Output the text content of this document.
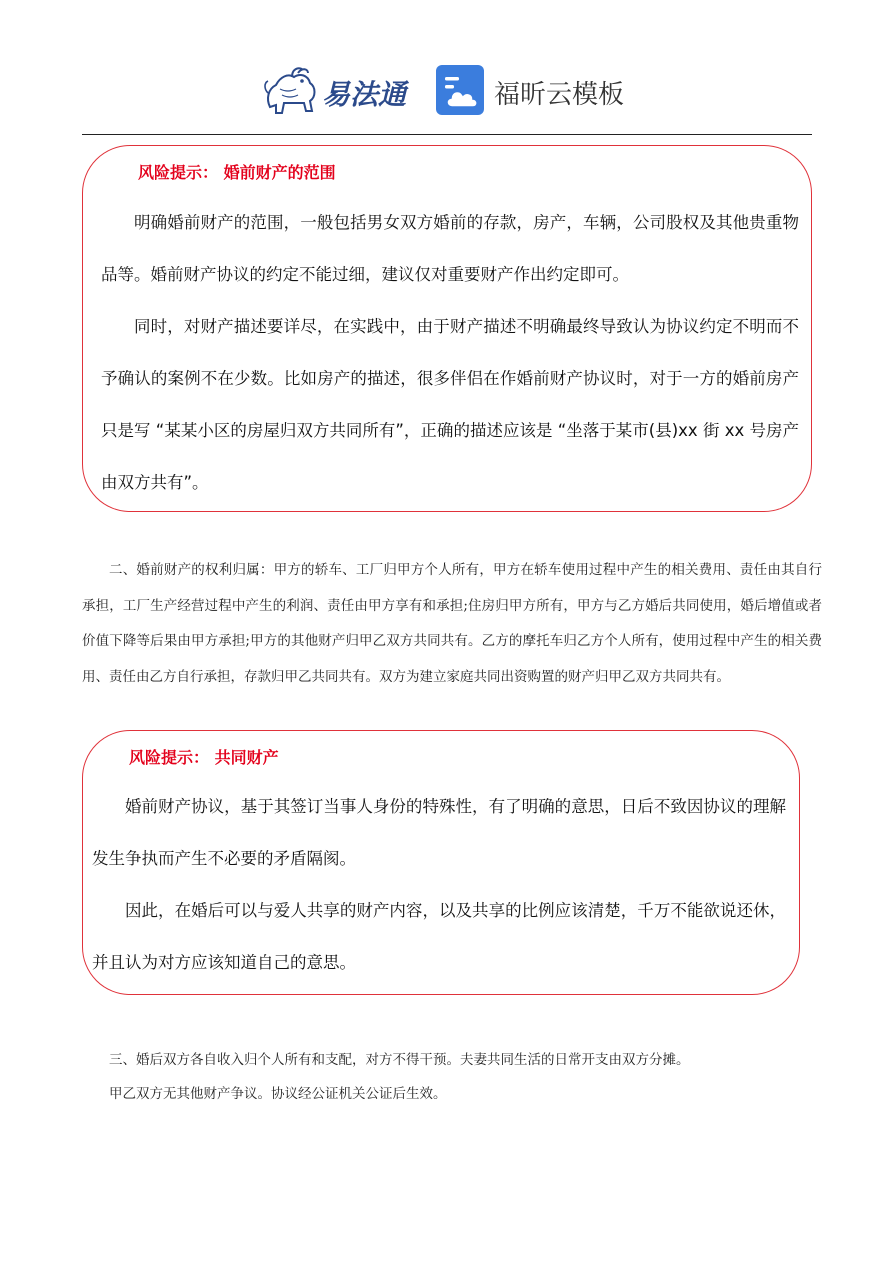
易法通	福昕云模板
风险提示： 婚前财产的范围

明确婚前财产的范围，一般包括男女双方婚前的存款，房产，车辆，公司股权及其他贵重物品等。婚前财产协议的约定不能过细，建议仅对重要财产作出约定即可。

同时，对财产描述要详尽，在实践中，由于财产描述不明确最终导致认为协议约定不明而不予确认的案例不在少数。比如房产的描述，很多伴侣在作婚前财产协议时，对于一方的婚前房产只是写 “某某小区的房屋归双方共同所有”，正确的描述应该是 “坐落于某市(县)xx 街 xx 号房产由双方共有”。

二、婚前财产的权利归属：甲方的轿车、工厂归甲方个人所有，甲方在轿车使用过程中产生的相关费用、责任由其自行承担，工厂生产经营过程中产生的利润、责任由甲方享有和承担;住房归甲方所有，甲方与乙方婚后共同使用，婚后增值或者价值下降等后果由甲方承担;甲方的其他财产归甲乙双方共同共有。乙方的摩托车归乙方个人所有，使用过程中产生的相关费用、责任由乙方自行承担，存款归甲乙共同共有。双方为建立家庭共同出资购置的财产归甲乙双方共同共有。

风险提示： 共同财产

婚前财产协议，基于其签订当事人身份的特殊性，有了明确的意思，日后不致因协议的理解发生争执而产生不必要的矛盾隔阂。

因此，在婚后可以与爱人共享的财产内容，以及共享的比例应该清楚，千万不能欲说还休，并且认为对方应该知道自己的意思。

三、婚后双方各自收入归个人所有和支配，对方不得干预。夫妻共同生活的日常开支由双方分摊。

甲乙双方无其他财产争议。协议经公证机关公证后生效。
